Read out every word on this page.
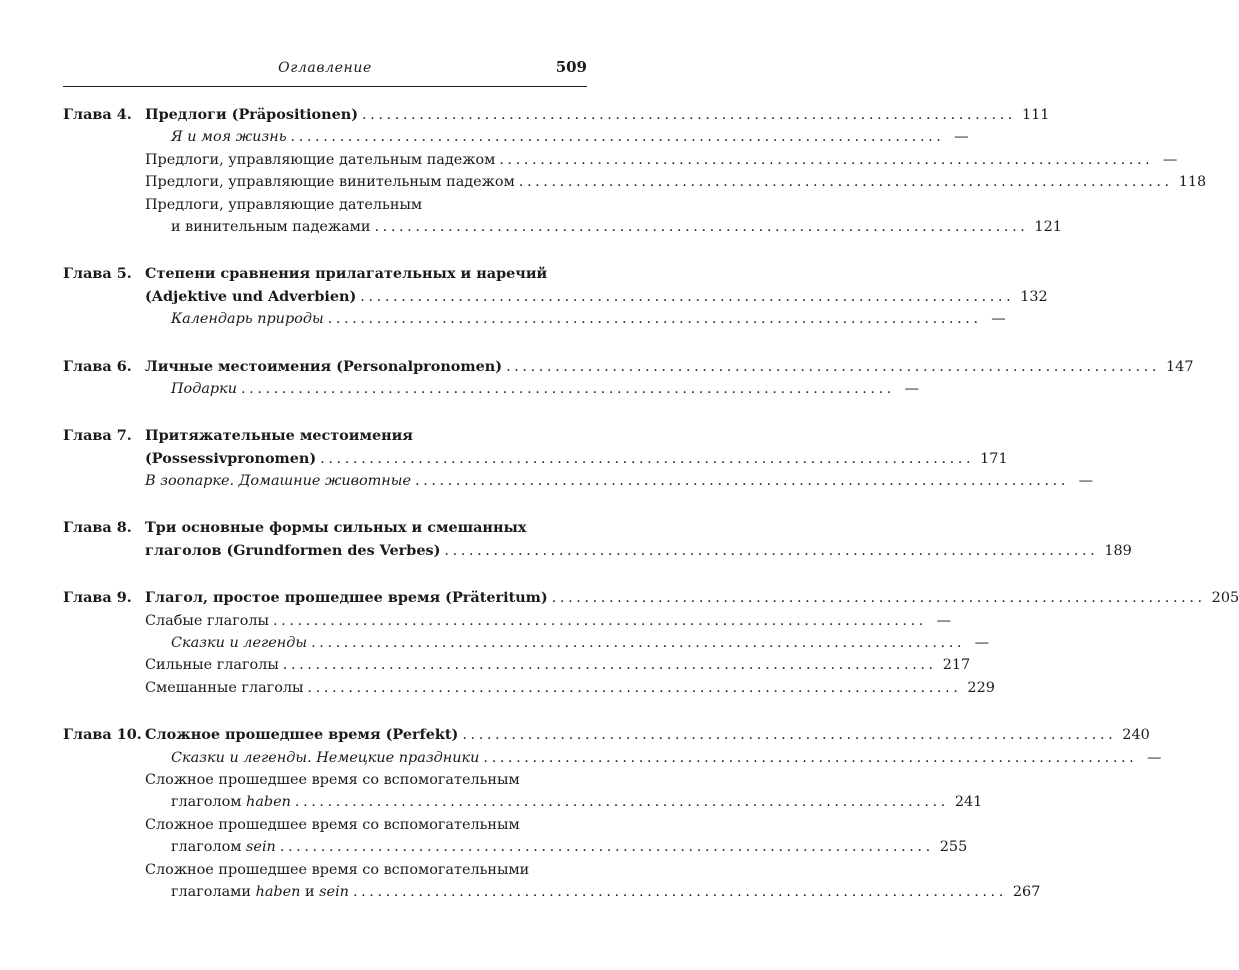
Оглавление	509
Глава 4. Предлоги (Präpositionen) ................................................................................ 111
Я и моя жизнь ................................................................................ —
Предлоги, управляющие дательным падежом ................................................................................ —
Предлоги, управляющие винительным падежом ................................................................................ 118
Предлоги, управляющие дательным
и винительным падежами ................................................................................ 121
Глава 5. Степени сравнения прилагательных и наречий
(Adjektive und Adverbien) ................................................................................ 132
Календарь природы ................................................................................ —
Глава 6. Личные местоимения (Personalpronomen) ................................................................................ 147
Подарки ................................................................................ —
Глава 7. Притяжательные местоимения
(Possessivpronomen) ................................................................................ 171
В зоопарке. Домашние животные ................................................................................ —
Глава 8. Три основные формы сильных и смешанных
глаголов (Grundformen des Verbes) ................................................................................ 189
Глава 9. Глагол, простое прошедшее время (Präteritum) ................................................................................ 205
Слабые глаголы ................................................................................ —
Сказки и легенды ................................................................................ —
Сильные глаголы ................................................................................ 217
Смешанные глаголы ................................................................................ 229
Глава 10. Сложное прошедшее время (Perfekt) ................................................................................ 240
Сказки и легенды. Немецкие праздники ................................................................................ —
Сложное прошедшее время со вспомогательным
глаголом haben ................................................................................ 241
Сложное прошедшее время со вспомогательным
глаголом sein ................................................................................ 255
Сложное прошедшее время со вспомогательными
глаголами haben и sein ................................................................................ 267
